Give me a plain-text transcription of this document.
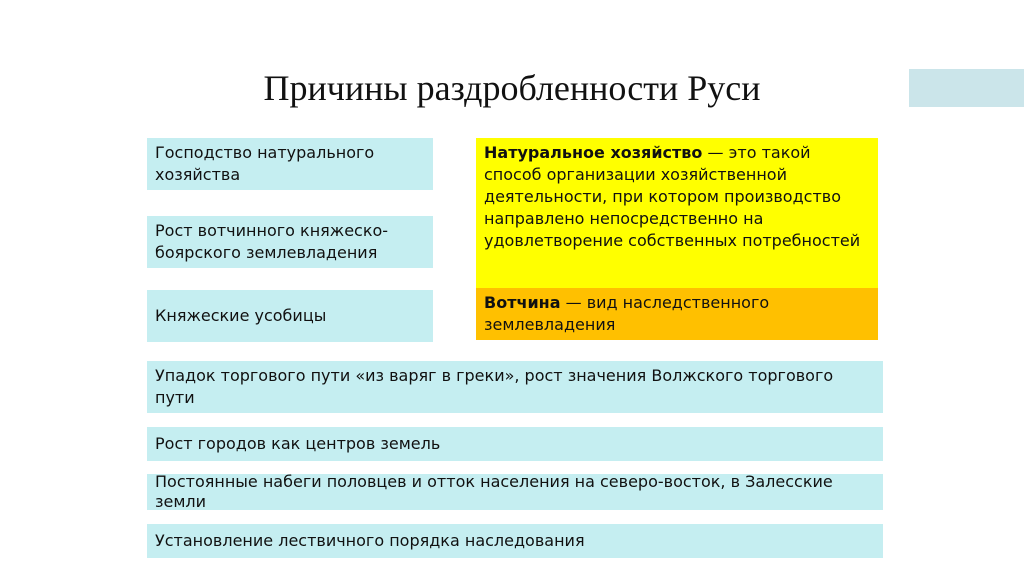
Причины раздробленности Руси
Господство натурального хозяйства
Рост вотчинного княжеско-боярского землевладения
Княжеские усобицы
Натуральное хозяйство — это такой способ организации хозяйственной деятельности, при котором производство направлено непосредственно на удовлетворение собственных потребностей
Вотчина — вид наследственного землевладения
Упадок торгового пути «из варяг в греки», рост значения Волжского торгового пути
Рост городов как центров земель
Постоянные набеги половцев и отток населения на северо-восток, в Залесские земли
Установление лествичного порядка наследования
